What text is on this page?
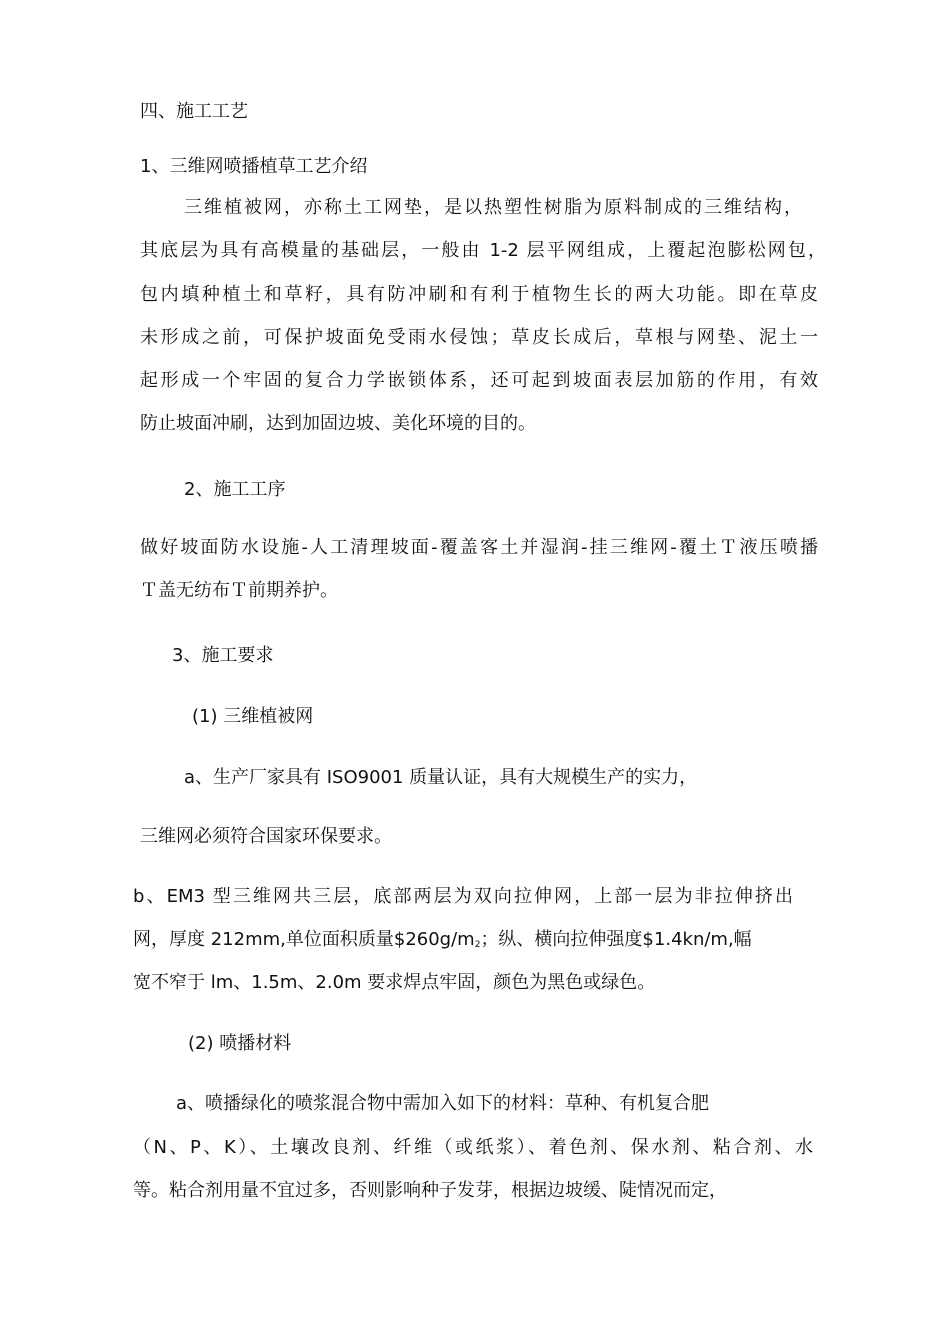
四、施工工艺
1、三维网喷播植草工艺介绍
三维植被网，亦称土工网垫，是以热塑性树脂为原料制成的三维结构，
其底层为具有高模量的基础层，一般由 1-2 层平网组成，上覆起泡膨松网包，
包内填种植土和草籽，具有防冲刷和有利于植物生长的两大功能。即在草皮
未形成之前，可保护坡面免受雨水侵蚀；草皮长成后，草根与网垫、泥土一
起形成一个牢固的复合力学嵌锁体系，还可起到坡面表层加筋的作用，有效
防止坡面冲刷，达到加固边坡、美化环境的目的。
2、施工工序
做好坡面防水设施-人工清理坡面-覆盖客土并湿润-挂三维网-覆土Ｔ液压喷播
Ｔ盖无纺布Ｔ前期养护。
3、施工要求
(1) 三维植被网
a、生产厂家具有 ISO9001 质量认证，具有大规模生产的实力，
三维网必须符合国家环保要求。
b、EM3 型三维网共三层，底部两层为双向拉伸网，上部一层为非拉伸挤出
网，厚度 212mm,单位面积质量$\$260g/m_2$；纵、横向拉伸强度$1.4kn/m,幅
宽不窄于 lm、1.5m、2.0m 要求焊点牢固，颜色为黑色或绿色。
(2) 喷播材料
a、喷播绿化的喷浆混合物中需加入如下的材料：草种、有机复合肥
（N、P、K）、土壤改良剂、纤维（或纸浆）、着色剂、保水剂、粘合剂、水
等。粘合剂用量不宜过多，否则影响种子发芽，根据边坡缓、陡情况而定，
